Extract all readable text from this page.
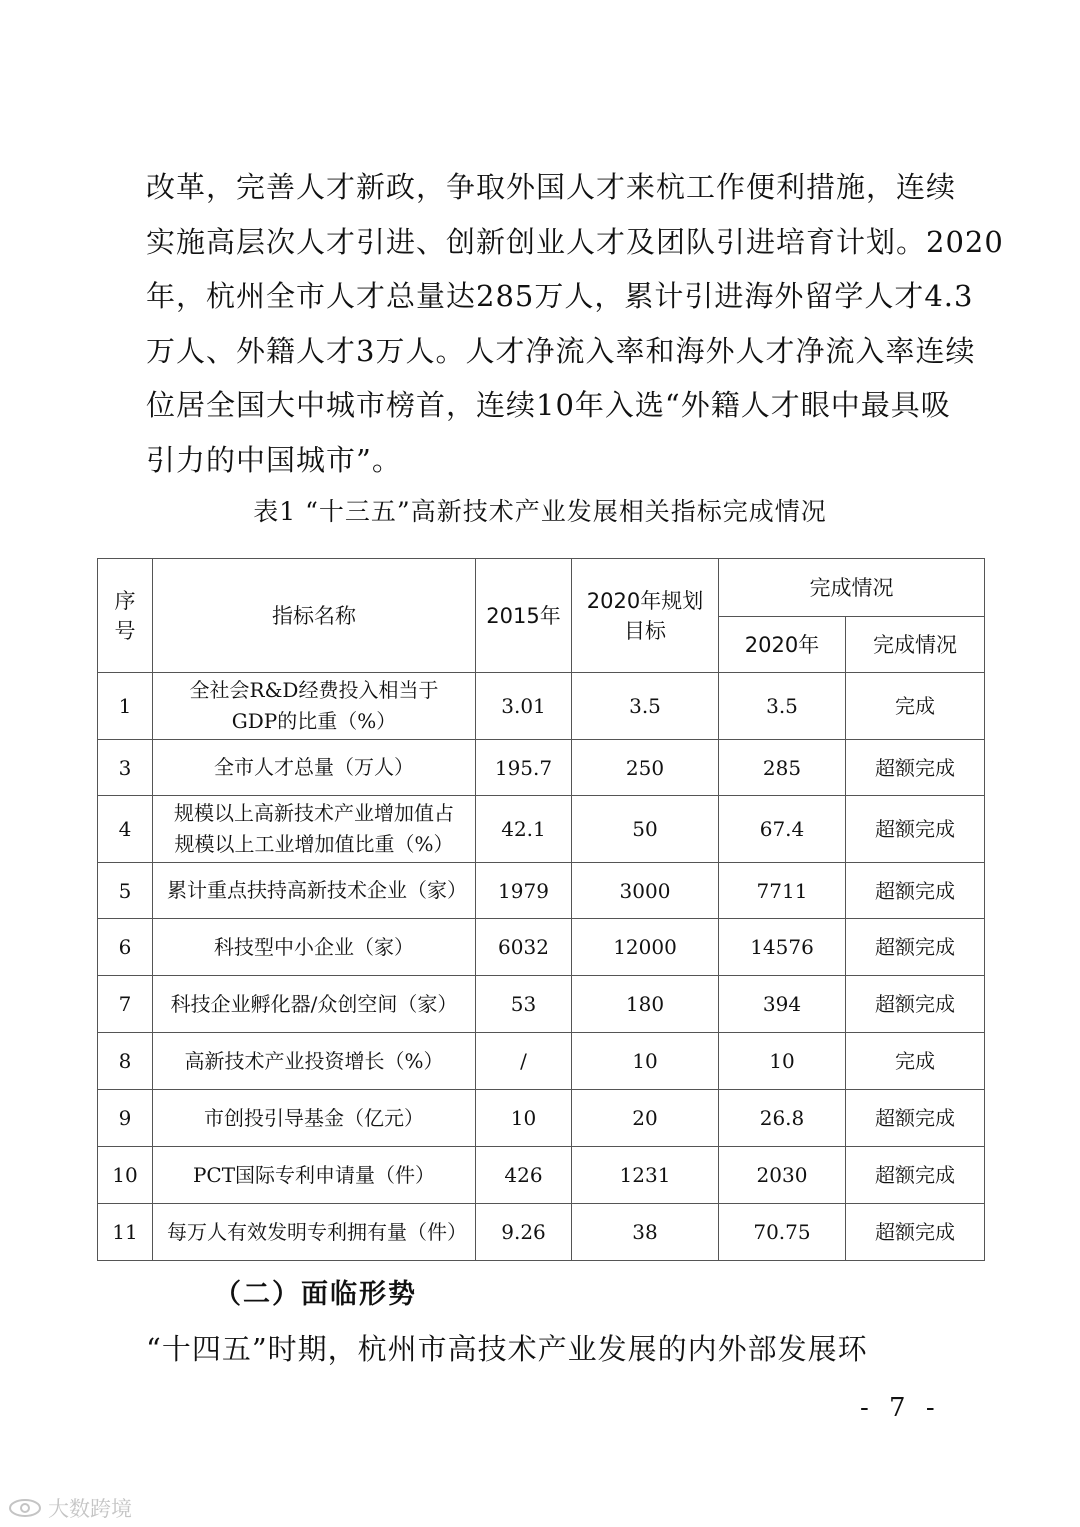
改革，完善人才新政，争取外国人才来杭工作便利措施，连续
实施高层次人才引进、创新创业人才及团队引进培育计划。2020
年，杭州全市人才总量达285万人，累计引进海外留学人才4.3
万人、外籍人才3万人。人才净流入率和海外人才净流入率连续
位居全国大中城市榜首，连续10年入选“外籍人才眼中最具吸
引力的中国城市”。

表1 “十三五”高新技术产业发展相关指标完成情况
序号	指标名称	2015年	2020年规划目标	完成情况	
				2020年	完成情况
1	全社会R&D经费投入相当于GDP的比重（%）	3.01	3.5	3.5	完成
3	全市人才总量（万人）	195.7	250	285	超额完成
4	规模以上高新技术产业增加值占规模以上工业增加值比重（%）	42.1	50	67.4	超额完成
5	累计重点扶持高新技术企业（家）	1979	3000	7711	超额完成
6	科技型中小企业（家）	6032	12000	14576	超额完成
7	科技企业孵化器/众创空间（家）	53	180	394	超额完成
8	高新技术产业投资增长（%）	/	10	10	完成
9	市创投引导基金（亿元）	10	20	26.8	超额完成
10	PCT国际专利申请量（件）	426	1231	2030	超额完成
11	每万人有效发明专利拥有量（件）	9.26	38	70.75	超额完成
（二）面临形势
“十四五”时期，杭州市高技术产业发展的内外部发展环
- 7 -
大数跨境
